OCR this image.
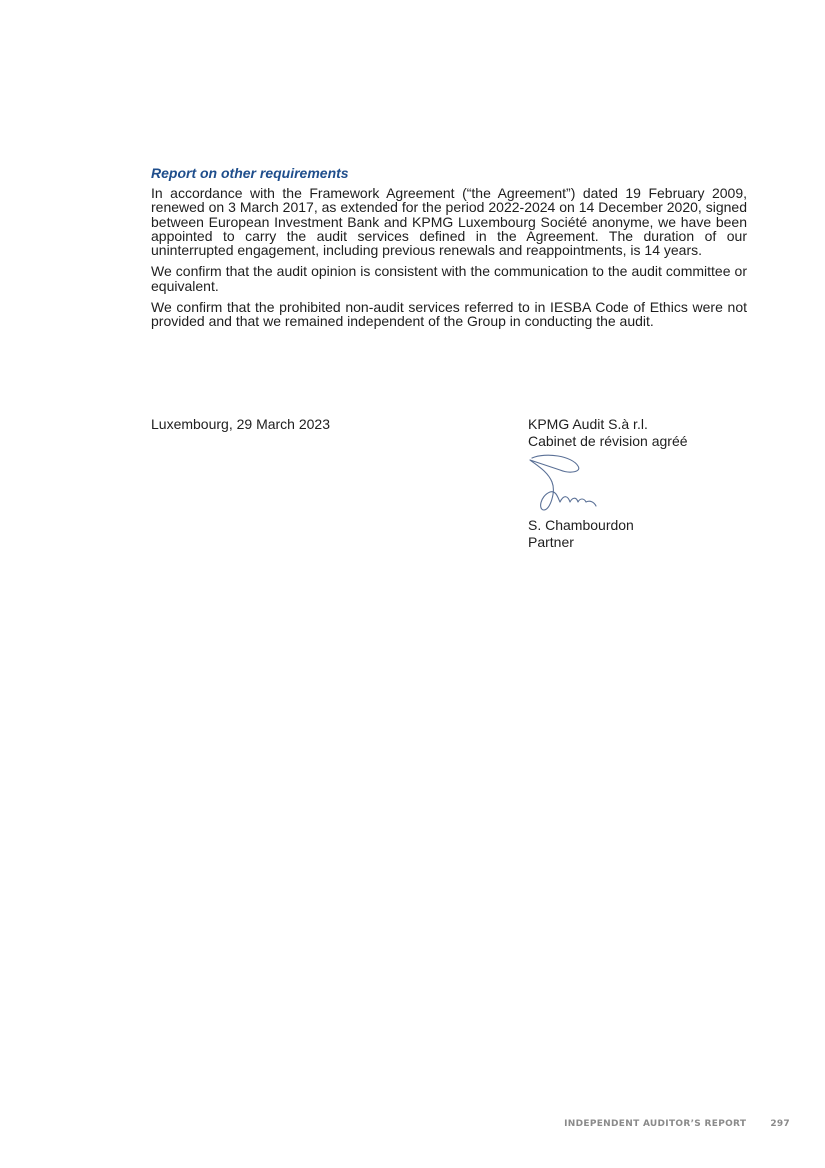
Report on other requirements

In accordance with the Framework Agreement (“the Agreement”) dated 19 February 2009, renewed on 3 March 2017, as extended for the period 2022-2024 on 14 December 2020, signed between European Investment Bank and KPMG Luxembourg Société anonyme, we have been appointed to carry the audit services defined in the Agreement. The duration of our uninterrupted engagement, including previous renewals and reappointments, is 14 years.

We confirm that the audit opinion is consistent with the communication to the audit committee or equivalent.

We confirm that the prohibited non-audit services referred to in IESBA Code of Ethics were not provided and that we remained independent of the Group in conducting the audit.

Luxembourg, 29 March 2023	KPMG Audit S.à r.l.
Cabinet de révision agréé
S. Chambourdon
Partner
INDEPENDENT AUDITOR’S REPORT	297
